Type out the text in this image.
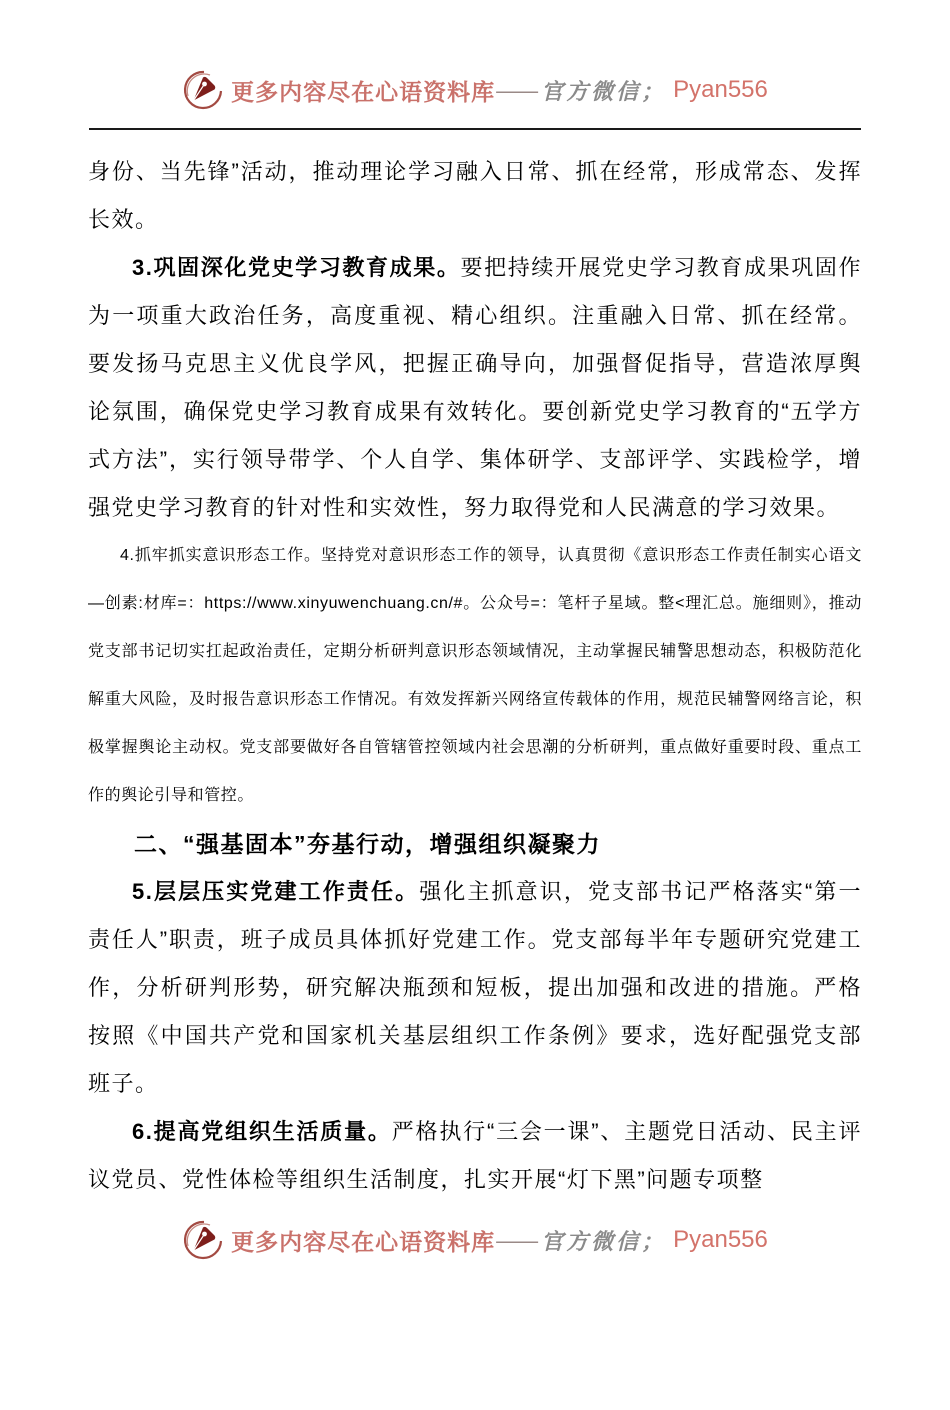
更多内容尽在心语资料库 —— 官方微信； Pyan556

身份、当先锋”活动，推动理论学习融入日常、抓在经常，形成常态、发挥长效。

3.巩固深化党史学习教育成果。要把持续开展党史学习教育成果巩固作为一项重大政治任务，高度重视、精心组织。注重融入日常、抓在经常。要发扬马克思主义优良学风，把握正确导向，加强督促指导，营造浓厚舆论氛围，确保党史学习教育成果有效转化。要创新党史学习教育的“五学方式方法”，实行领导带学、个人自学、集体研学、支部评学、实践检学，增强党史学习教育的针对性和实效性，努力取得党和人民满意的学习效果。

4.抓牢抓实意识形态工作。坚持党对意识形态工作的领导，认真贯彻《意识形态工作责任制实心语文—创素:材库=：https://www.xinyuwenchuang.cn/#。公众号=：笔杆子星域。整<理汇总。施细则》，推动党支部书记切实扛起政治责任，定期分析研判意识形态领域情况，主动掌握民辅警思想动态，积极防范化解重大风险，及时报告意识形态工作情况。有效发挥新兴网络宣传载体的作用，规范民辅警网络言论，积极掌握舆论主动权。党支部要做好各自管辖管控领域内社会思潮的分析研判，重点做好重要时段、重点工作的舆论引导和管控。

二、“强基固本”夯基行动，增强组织凝聚力

5.层层压实党建工作责任。强化主抓意识，党支部书记严格落实“第一责任人”职责，班子成员具体抓好党建工作。党支部每半年专题研究党建工作，分析研判形势，研究解决瓶颈和短板，提出加强和改进的措施。严格按照《中国共产党和国家机关基层组织工作条例》要求，选好配强党支部班子。

6.提高党组织生活质量。严格执行“三会一课”、主题党日活动、民主评议党员、党性体检等组织生活制度，扎实开展“灯下黑”问题专项整

更多内容尽在心语资料库 —— 官方微信； Pyan556
